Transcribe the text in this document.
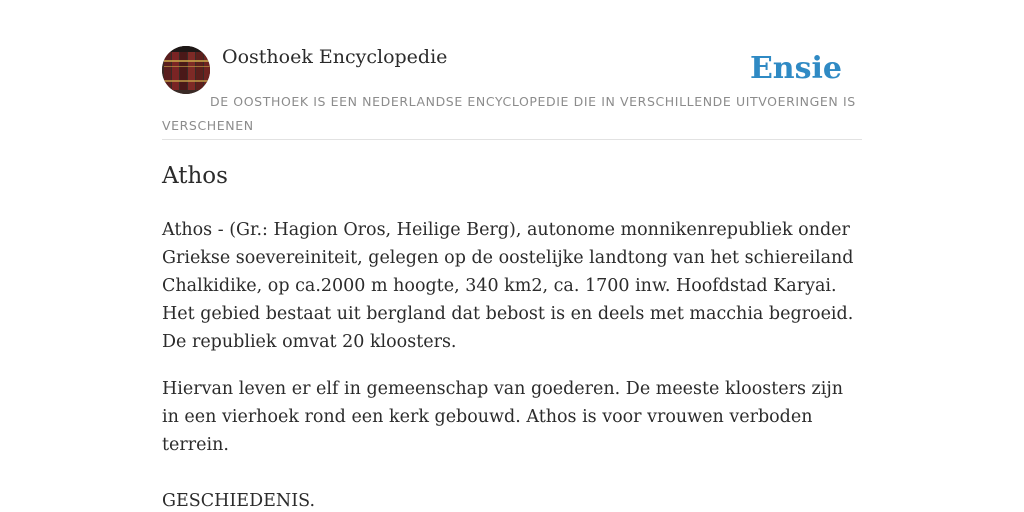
Oosthoek Encyclopedie	Ensie
DE OOSTHOEK IS EEN NEDERLANDSE ENCYCLOPEDIE DIE IN VERSCHILLENDE UITVOERINGEN IS VERSCHENEN
Athos

Athos - (Gr.: Hagion Oros, Heilige Berg), autonome monnikenrepubliek onder Griekse soevereiniteit, gelegen op de oostelijke landtong van het schiereiland Chalkidike, op ca.2000 m hoogte, 340 km2, ca. 1700 inw. Hoofdstad Karyai. Het gebied bestaat uit bergland dat bebost is en deels met macchia begroeid. De republiek omvat 20 kloosters.

Hiervan leven er elf in gemeenschap van goederen. De meeste kloosters zijn in een vierhoek rond een kerk gebouwd. Athos is voor vrouwen verboden terrein.

GESCHIEDENIS.
